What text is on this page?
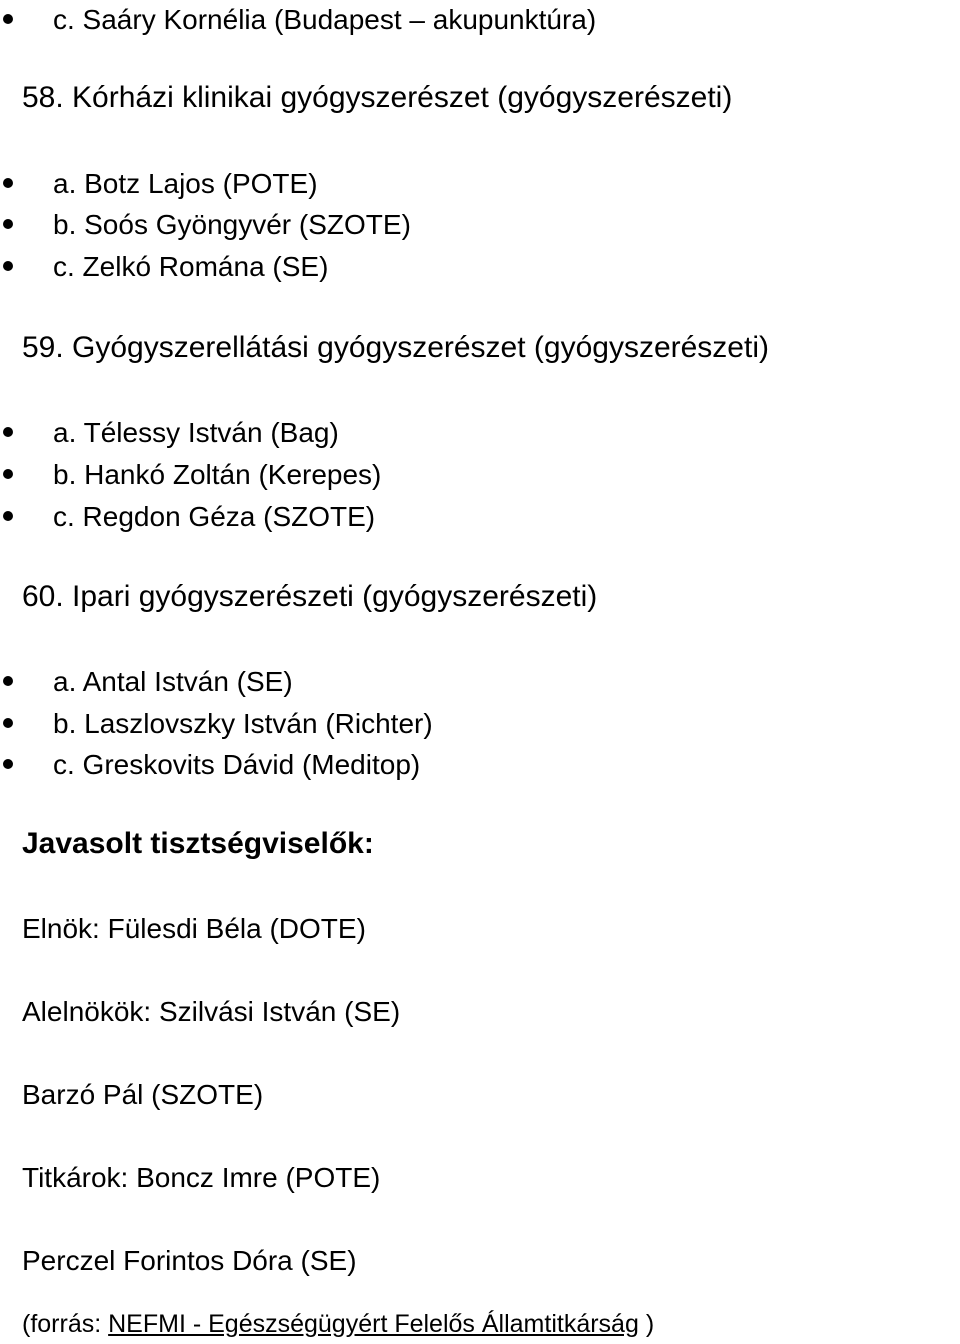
c. Saáry Kornélia (Budapest – akupunktúra)
58. Kórházi klinikai gyógyszerészet (gyógyszerészeti)
a. Botz Lajos (POTE)
b. Soós Gyöngyvér (SZOTE)
c. Zelkó Romána (SE)
59. Gyógyszerellátási gyógyszerészet (gyógyszerészeti)
a. Télessy István (Bag)
b. Hankó Zoltán (Kerepes)
c. Regdon Géza (SZOTE)
60. Ipari gyógyszerészeti (gyógyszerészeti)
a. Antal István (SE)
b. Laszlovszky István (Richter)
c. Greskovits Dávid (Meditop)
Javasolt tisztségviselők:
Elnök: Fülesdi Béla (DOTE)
Alelnökök: Szilvási István (SE)
Barzó Pál (SZOTE)
Titkárok: Boncz Imre (POTE)
Perczel Forintos Dóra (SE)
(forrás: NEFMI - Egészségügyért Felelős Államtitkárság )
